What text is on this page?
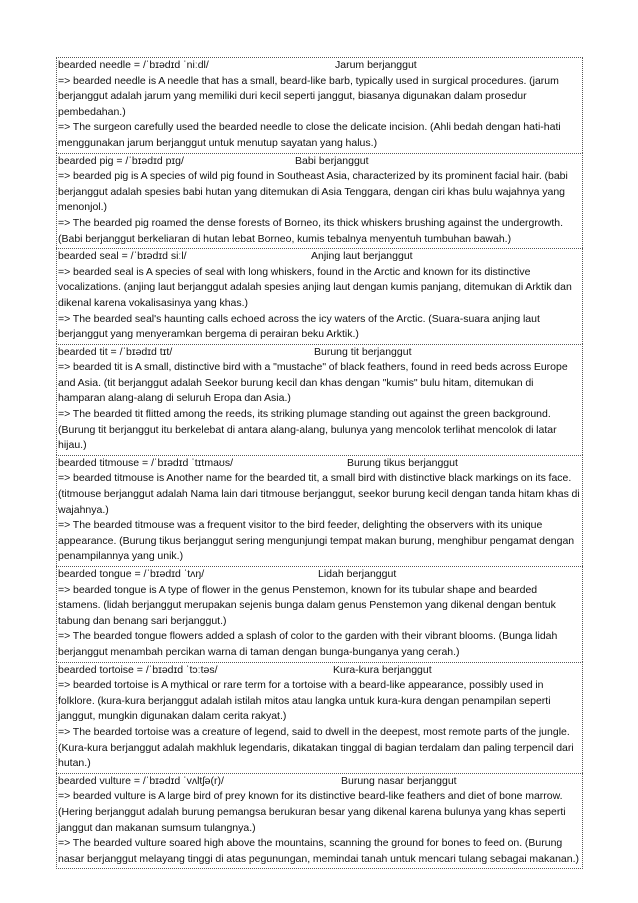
bearded needle = /ˈbɪədɪd ˈniːdl/	Jarum berjanggut
=> bearded needle is A needle that has a small, beard-like barb, typically used in surgical procedures. (jarum berjanggut adalah jarum yang memiliki duri kecil seperti janggut, biasanya digunakan dalam prosedur pembedahan.)
=> The surgeon carefully used the bearded needle to close the delicate incision. (Ahli bedah dengan hati-hati menggunakan jarum berjanggut untuk menutup sayatan yang halus.)
bearded pig = /ˈbɪədɪd pɪɡ/	Babi berjanggut
=> bearded pig is A species of wild pig found in Southeast Asia, characterized by its prominent facial hair. (babi berjanggut adalah spesies babi hutan yang ditemukan di Asia Tenggara, dengan ciri khas bulu wajahnya yang menonjol.)
=> The bearded pig roamed the dense forests of Borneo, its thick whiskers brushing against the undergrowth. (Babi berjanggut berkeliaran di hutan lebat Borneo, kumis tebalnya menyentuh tumbuhan bawah.)
bearded seal = /ˈbɪədɪd siːl/	Anjing laut berjanggut
=> bearded seal is A species of seal with long whiskers, found in the Arctic and known for its distinctive vocalizations. (anjing laut berjanggut adalah spesies anjing laut dengan kumis panjang, ditemukan di Arktik dan dikenal karena vokalisasinya yang khas.)
=> The bearded seal's haunting calls echoed across the icy waters of the Arctic. (Suara-suara anjing laut berjanggut yang menyeramkan bergema di perairan beku Arktik.)
bearded tit = /ˈbɪədɪd tɪt/	Burung tit berjanggut
=> bearded tit is A small, distinctive bird with a "mustache" of black feathers, found in reed beds across Europe and Asia. (tit berjanggut adalah Seekor burung kecil dan khas dengan "kumis" bulu hitam, ditemukan di hamparan alang-alang di seluruh Eropa dan Asia.)
=> The bearded tit flitted among the reeds, its striking plumage standing out against the green background. (Burung tit berjanggut itu berkelebat di antara alang-alang, bulunya yang mencolok terlihat mencolok di latar hijau.)
bearded titmouse = /ˈbɪədɪd ˈtɪtmaʊs/	Burung tikus berjanggut
=> bearded titmouse is Another name for the bearded tit, a small bird with distinctive black markings on its face. (titmouse berjanggut adalah Nama lain dari titmouse berjanggut, seekor burung kecil dengan tanda hitam khas di wajahnya.)
=> The bearded titmouse was a frequent visitor to the bird feeder, delighting the observers with its unique appearance. (Burung tikus berjanggut sering mengunjungi tempat makan burung, menghibur pengamat dengan penampilannya yang unik.)
bearded tongue = /ˈbɪədɪd ˈtʌŋ/	Lidah berjanggut
=> bearded tongue is A type of flower in the genus Penstemon, known for its tubular shape and bearded stamens. (lidah berjanggut merupakan sejenis bunga dalam genus Penstemon yang dikenal dengan bentuk tabung dan benang sari berjanggut.)
=> The bearded tongue flowers added a splash of color to the garden with their vibrant blooms. (Bunga lidah berjanggut menambah percikan warna di taman dengan bunga-bunganya yang cerah.)
bearded tortoise = /ˈbɪədɪd ˈtɔːtəs/	Kura-kura berjanggut
=> bearded tortoise is A mythical or rare term for a tortoise with a beard-like appearance, possibly used in folklore. (kura-kura berjanggut adalah istilah mitos atau langka untuk kura-kura dengan penampilan seperti janggut, mungkin digunakan dalam cerita rakyat.)
=> The bearded tortoise was a creature of legend, said to dwell in the deepest, most remote parts of the jungle. (Kura-kura berjanggut adalah makhluk legendaris, dikatakan tinggal di bagian terdalam dan paling terpencil dari hutan.)
bearded vulture = /ˈbɪədɪd ˈvʌltʃə(r)/	Burung nasar berjanggut
=> bearded vulture is A large bird of prey known for its distinctive beard-like feathers and diet of bone marrow. (Hering berjanggut adalah burung pemangsa berukuran besar yang dikenal karena bulunya yang khas seperti janggut dan makanan sumsum tulangnya.)
=> The bearded vulture soared high above the mountains, scanning the ground for bones to feed on. (Burung nasar berjanggut melayang tinggi di atas pegunungan, memindai tanah untuk mencari tulang sebagai makanan.)
